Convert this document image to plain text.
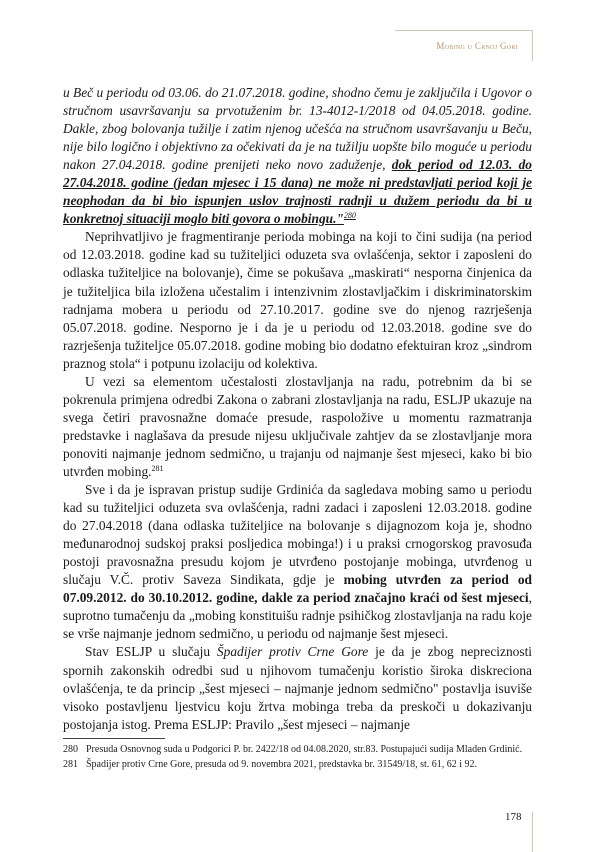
Mobing u Crnoj Gori

u Beč u periodu od 03.06. do 21.07.2018. godine, shodno čemu je zaključila i Ugovor o stručnom usavršavanju sa prvotuženim br. 13-4012-1/2018 od 04.05.2018. godine. Dakle, zbog bolovanja tužilje i zatim njenog učešća na stručnom usavršavanju u Beču, nije bilo logično i objektivno za očekivati da je na tužilju uopšte bilo moguće u periodu nakon 27.04.2018. godine prenijeti neko novo zaduženje, dok period od 12.03. do 27.04.2018. godine (jedan mjesec i 15 dana) ne može ni predstavljati period koji je neophodan da bi bio ispunjen uslov trajnosti radnji u dužem periodu da bi u konkretnoj situaciji moglo biti govora o mobingu."$^{280}$

Neprihvatljivo je fragmentiranje perioda mobinga na koji to čini sudija (na period od 12.03.2018. godine kad su tužiteljici oduzeta sva ovlašćenja, sektor i zaposleni do odlaska tužiteljice na bolovanje), čime se pokušava „maskirati“ nesporna činjenica da je tužiteljica bila izložena učestalim i intenzivnim zlostavljačkim i diskriminatorskim radnjama mobera u periodu od 27.10.2017. godine sve do njenog razrješenja 05.07.2018. godine. Nesporno je i da je u periodu od 12.03.2018. godine sve do razrješenja tužiteljce 05.07.2018. godine mobing bio dodatno efektuiran kroz „sindrom praznog stola“ i potpunu izolaciju od kolektiva.

U vezi sa elementom učestalosti zlostavljanja na radu, potrebnim da bi se pokrenula primjena odredbi Zakona o zabrani zlostavljanja na radu, ESLJP ukazuje na svega četiri pravosnažne domaće presude, raspoložive u momentu razmatranja predstavke i naglašava da presude nijesu uključivale zahtjev da se zlostavljanje mora ponoviti najmanje jednom sedmično, u trajanju od najmanje šest mjeseci, kako bi bio utvrđen mobing.$^{281}$

Sve i da je ispravan pristup sudije Grdinića da sagledava mobing samo u periodu kad su tužiteljici oduzeta sva ovlašćenja, radni zadaci i zaposleni 12.03.2018. godine do 27.04.2018 (dana odlaska tužiteljice na bolovanje s dijagnozom koja je, shodno međunarodnoj sudskoj praksi posljedica mobinga!) i u praksi crnogorskog pravosuđa postoji pravosnažna presudu kojom je utvrđeno postojanje mobinga, utvrđenog u slučaju V.Č. protiv Saveza Sindikata, gdje je mobing utvrđen za period od 07.09.2012. do 30.10.2012. godine, dakle za period značajno kraći od šest mjeseci, suprotno tumačenju da „mobing konstituišu radnje psihičkog zlostavljanja na radu koje se vrše najmanje jednom sedmično, u periodu od najmanje šest mjeseci.

Stav ESLJP u slučaju Špadijer protiv Crne Gore je da je zbog nepreciznosti spornih zakonskih odredbi sud u njihovom tumačenju koristio široka diskreciona ovlašćenja, te da princip „šest mjeseci – najmanje jednom sedmično" postavlja isuviše visoko postavljenu ljestvicu koju žrtva mobinga treba da preskoči u dokazivanju postojanja istog. Prema ESLJP: Pravilo „šest mjeseci – najmanje

280 Presuda Osnovnog suda u Podgorici P. br. 2422/18 od 04.08.2020, str.83. Postupajući sudija Mladen Grdinić.
281 Špadijer protiv Crne Gore, presuda od 9. novembra 2021, predstavka br. 31549/18, st. 61, 62 i 92.
178
